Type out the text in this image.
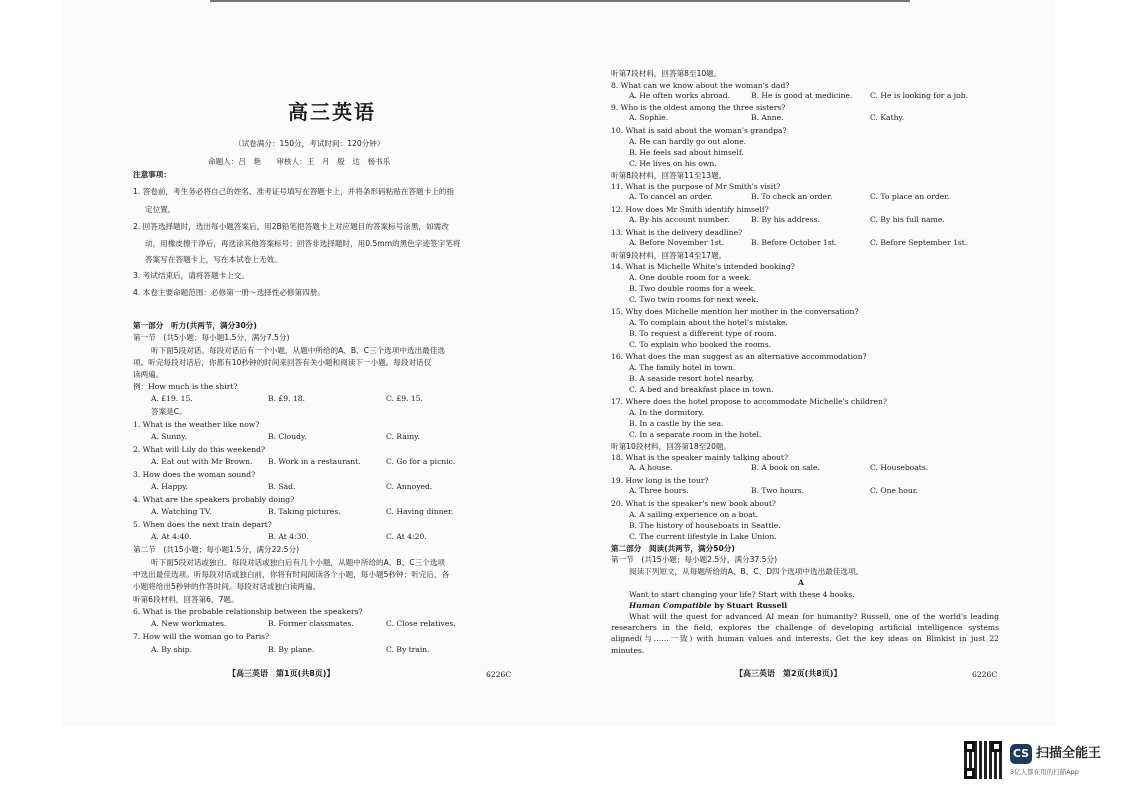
高三英语
（试卷满分：150分，考试时间：120分钟）
命题人：吕　艳　　审核人：王　月　殷　达　杨书乐
注意事项：
1. 答卷前，考生务必将自己的姓名、准考证号填写在答题卡上，并将条形码粘贴在答题卡上的指
定位置。
2. 回答选择题时，选出每小题答案后，用2B铅笔把答题卡上对应题目的答案标号涂黑，如需改
动，用橡皮擦干净后，再选涂其他答案标号；回答非选择题时，用0.5mm的黑色字迹签字笔将
答案写在答题卡上，写在本试卷上无效。
3. 考试结束后，请将答题卡上交。
4. 本卷主要命题范围：必修第一册～选择性必修第四册。
第一部分　听力(共两节，满分30分)
第一节　(共5小题；每小题1.5分，满分7.5分)
听下面5段对话。每段对话后有一个小题，从题中所给的A、B、C三个选项中选出最佳选
项。听完每段对话后，你都有10秒钟的时间来回答有关小题和阅读下一小题。每段对话仅
读两遍。
例：How much is the shirt?
A. £19. 15.	B. £9. 18.	C. £9. 15.
答案是C。
1. What is the weather like now?
A. Sunny.	B. Cloudy.	C. Rainy.
2. What will Lily do this weekend?
A. Eat out with Mr Brown. B. Work in a restaurant.	C. Go for a picnic.
3. How does the woman sound?
A. Happy.	B. Sad.	C. Annoyed.
4. What are the speakers probably doing?
A. Watching TV.	B. Taking pictures.	C. Having dinner.
5. When does the next train depart?
A. At 4:40.	B. At 4:30.	C. At 4:20.
第二节　(共15小题；每小题1.5分，满分22.5分)
听下面5段对话或独白。每段对话或独白后有几个小题，从题中所给的A、B、C三个选项
中选出最佳选项。听每段对话或独白前，你将有时间阅读各个小题，每小题5秒钟；听完后，各
小题将给出5秒钟的作答时间。每段对话或独白读两遍。
听第6段材料，回答第6、7题。
6. What is the probable relationship between the speakers?
A. New workmates.	B. Former classmates.	C. Close relatives.
7. How will the woman go to Paris?
A. By ship.	B. By plane.	C. By train.
【高三英语　第1页(共8页)】	6226C
听第7段材料，回答第8至10题。
8. What can we know about the woman's dad?
A. He often works abroad.	B. He is good at medicine. C. He is looking for a job.
9. Who is the oldest among the three sisters?
A. Sophie.	B. Anne.	C. Kathy.
10. What is said about the woman's grandpa?
A. He can hardly go out alone.
B. He feels sad about himself.
C. He lives on his own.
听第8段材料，回答第11至13题。
11. What is the purpose of Mr Smith's visit?
A. To cancel an order.	B. To check an order.	C. To place an order.
12. How does Mr Smith identify himself?
A. By his account number.	B. By his address.	C. By his full name.
13. What is the delivery deadline?
A. Before November 1st.	B. Before October 1st.	C. Before September 1st.
听第9段材料，回答第14至17题。
14. What is Michelle White's intended booking?
A. One double room for a week.
B. Two double rooms for a week.
C. Two twin rooms for next week.
15. Why does Michelle mention her mother in the conversation?
A. To complain about the hotel's mistake.
B. To request a different type of room.
C. To explain who booked the rooms.
16. What does the man suggest as an alternative accommodation?
A. The family hotel in town.
B. A seaside resort hotel nearby.
C. A bed and breakfast place in town.
17. Where does the hotel propose to accommodate Michelle's children?
A. In the dormitory.
B. In a castle by the sea.
C. In a separate room in the hotel.
听第10段材料，回答第18至20题。
18. What is the speaker mainly talking about?
A. A house.	B. A book on sale.	C. Houseboats.
19. How long is the tour?
A. Three hours.	B. Two hours.	C. One hour.
20. What is the speaker's new book about?
A. A sailing experience on a boat.
B. The history of houseboats in Seattle.
C. The current lifestyle in Lake Union.
第二部分　阅读(共两节，满分50分)
第一节　(共15小题；每小题2.5分，满分37.5分)
阅读下列短文，从每题所给的A、B、C、D四个选项中选出最佳选项。
A
Want to start changing your life? Start with these 4 books.
Human Compatible by Stuart Russell
What will the quest for advanced AI mean for humanity? Russell, one of the world's leading researchers in the field, explores the challenge of developing artificial intelligence systems aligned(与……一致) with human values and interests. Get the key ideas on Blinkist in just 22 minutes.
【高三英语　第2页(共8页)】	6226C
CS 扫描全能王
3亿人都在用的扫描App
